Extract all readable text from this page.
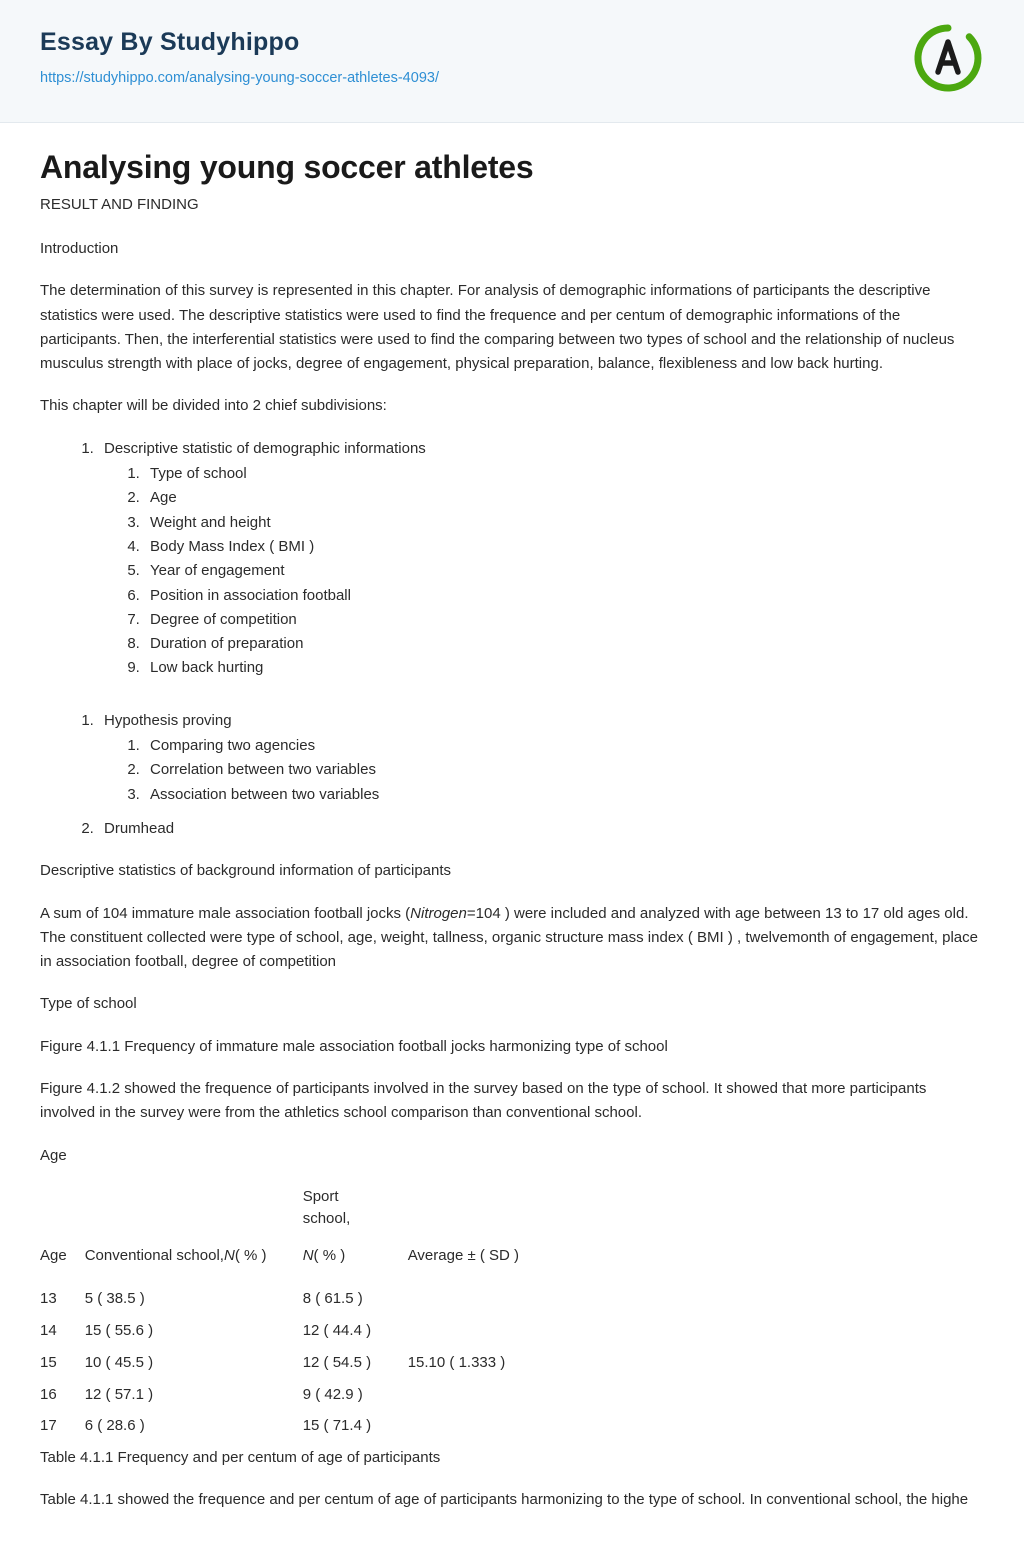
Essay By Studyhippo
https://studyhippo.com/analysing-young-soccer-athletes-4093/
Analysing young soccer athletes
RESULT AND FINDING

Introduction

The determination of this survey is represented in this chapter. For analysis of demographic informations of participants the descriptive statistics were used. The descriptive statistics were used to find the frequence and per centum of demographic informations of the participants. Then, the interferential statistics were used to find the comparing between two types of school and the relationship of nucleus musculus strength with place of jocks, degree of engagement, physical preparation, balance, flexibleness and low back hurting.

This chapter will be divided into 2 chief subdivisions:

1. Descriptive statistic of demographic informations
1. Type of school
2. Age
3. Weight and height
4. Body Mass Index ( BMI )
5. Year of engagement
6. Position in association football
7. Degree of competition
8. Duration of preparation
9. Low back hurting
1. Hypothesis proving
1. Comparing two agencies
2. Correlation between two variables
3. Association between two variables
2. Drumhead

Descriptive statistics of background information of participants

A sum of 104 immature male association football jocks (Nitrogen=104 ) were included and analyzed with age between 13 to 17 old ages old. The constituent collected were type of school, age, weight, tallness, organic structure mass index ( BMI ) , twelvemonth of engagement, place in association football, degree of competition

Type of school

Figure 4.1.1 Frequency of immature male association football jocks harmonizing type of school

Figure 4.1.2 showed the frequence of participants involved in the survey based on the type of school. It showed that more participants involved in the survey were from the athletics school comparison than conventional school.

Age

Age	Conventional school,N( % )	Sport school,
N( % )	Average ± ( SD )
13	5 ( 38.5 )	8 ( 61.5 )	
14	15 ( 55.6 )	12 ( 44.4 )	
15	10 ( 45.5 )	12 ( 54.5 )	15.10 ( 1.333 )
16	12 ( 57.1 )	9 ( 42.9 )	
17	6 ( 28.6 )	15 ( 71.4 )	
Table 4.1.1 Frequency and per centum of age of participants

Table 4.1.1 showed the frequence and per centum of age of participants harmonizing to the type of school. In conventional school, the highe
